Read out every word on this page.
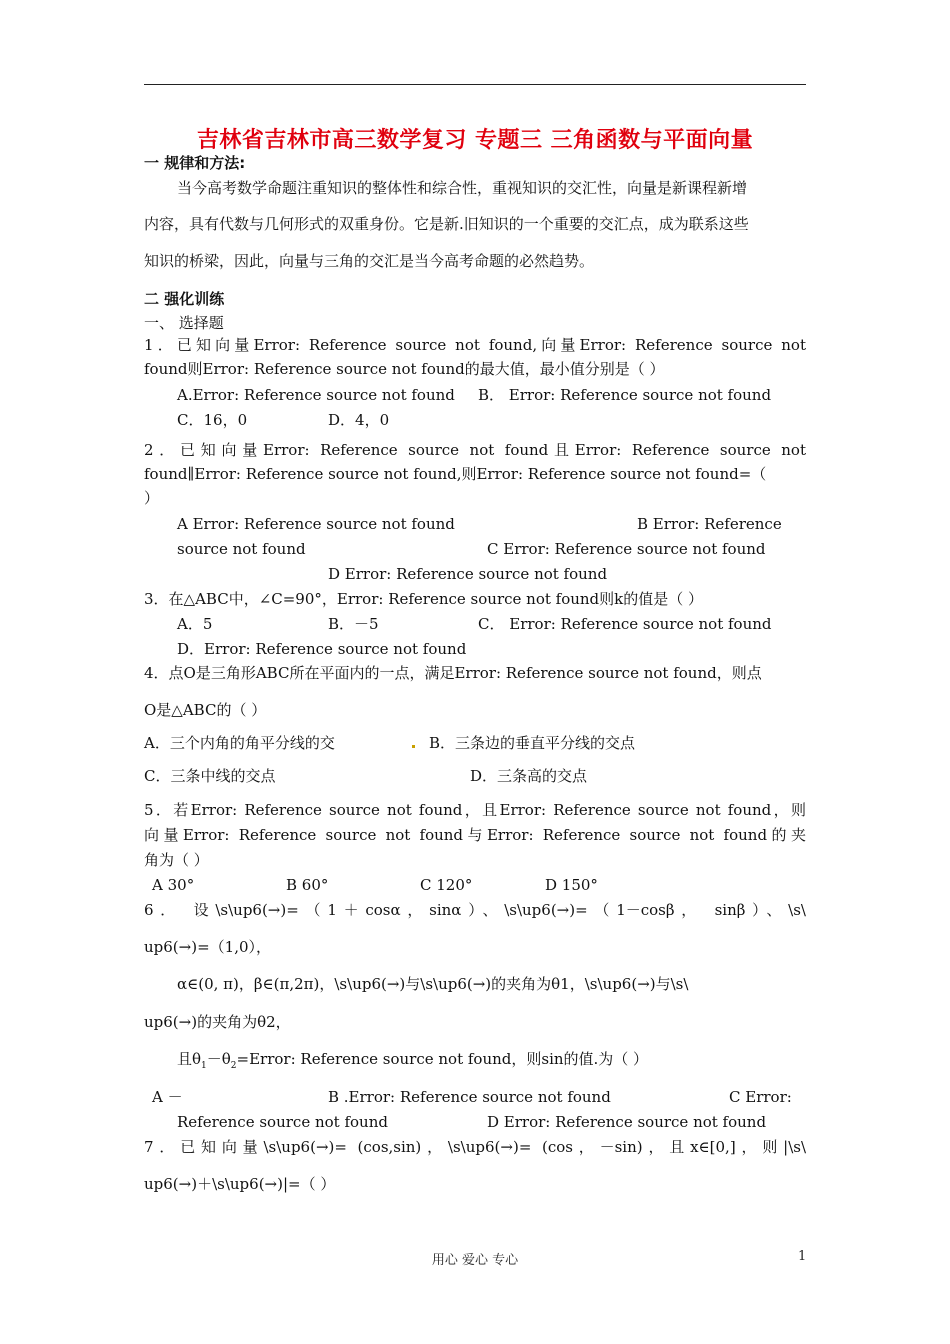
吉林省吉林市高三数学复习 专题三 三角函数与平面向量
一 规律和方法:
当今高考数学命题注重知识的整体性和综合性，重视知识的交汇性，向量是新课程新增
内容，具有代数与几何形式的双重身份。它是新.旧知识的一个重要的交汇点，成为联系这些
知识的桥梁，因此，向量与三角的交汇是当今高考命题的必然趋势。
二 强化训练
一、 选择题
1．已知向量Error: Reference source not found,向量Error: Reference source not
found则Error: Reference source not found的最大值，最小值分别是（ ）
A.Error: Reference source not found B． Error: Reference source not found
C．16，0	D．4，0
2．已知向量Error: Reference source not found且Error: Reference source not
found∥Error: Reference source not found,则Error: Reference source not found=（
）
A Error: Reference source not found	B Error: Reference
source not found	C Error: Reference source not found
D Error: Reference source not found
3．在△ABC中，∠C=90°，Error: Reference source not found则k的值是（ ）
A．5	B．－5	C． Error: Reference source not found
D．Error: Reference source not found
4．点O是三角形ABC所在平面内的一点，满足Error: Reference source not found，则点
O是△ABC的（ ）
A．三个内角的角平分线的交	B．三条边的垂直平分线的交点
C．三条中线的交点	D．三条高的交点
5．若Error: Reference source not found，且Error: Reference source not found，则
向量Error: Reference source not found与Error: Reference source not found的夹
角为（ ）
A 30°	B 60°	C 120°	D 150°
6． 设\s\up6(→)=（1＋cosα，sinα）、\s\up6(→)=（1－cosβ， sinβ）、\s\
up6(→)=（1,0），
α∈(0, π)，β∈(π,2π)，\s\up6(→)与\s\up6(→)的夹角为θ1，\s\up6(→)与\s\
up6(→)的夹角为θ2，
且$\theta_1-\theta_2=Error$: Reference source not found，则sin的值.为（ ）
A －	B .Error: Reference source not found	C Error:
Reference source not found	D Error: Reference source not found
7．已知向量\s\up6(→)= (cos,sin)，\s\up6(→)= (cos，－sin)，且x∈[0,]，则|\s\
up6(→)＋\s\up6(→)|=（ ）
用心 爱心 专心	1
